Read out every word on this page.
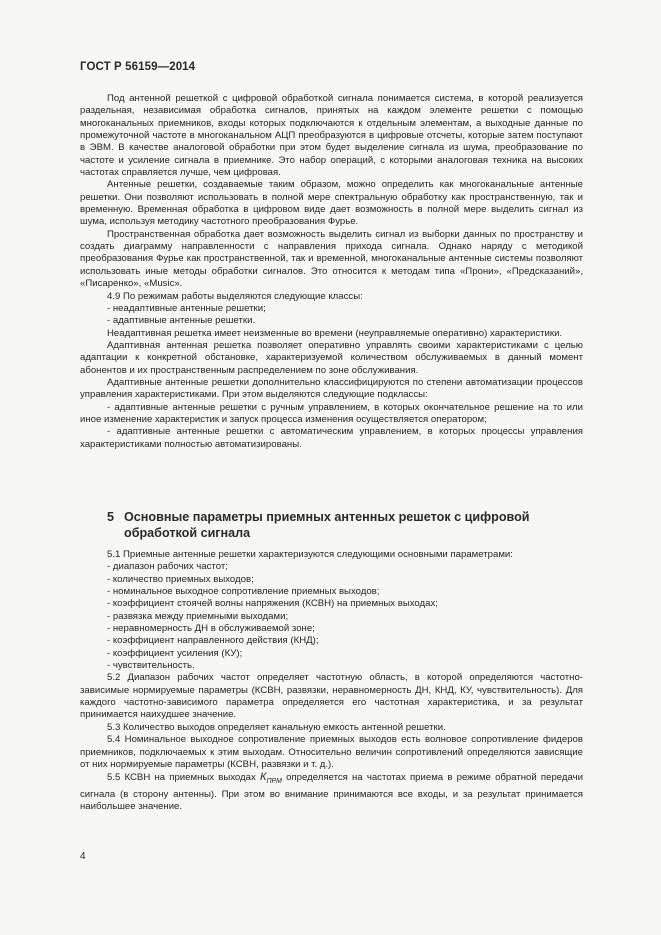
ГОСТ Р 56159—2014

Под антенной решеткой с цифровой обработкой сигнала понимается система, в которой реализуется раздельная, независимая обработка сигналов, принятых на каждом элементе решетки с помощью многоканальных приемников, входы которых подключаются к отдельным элементам, а выходные данные по промежуточной частоте в многоканальном АЦП преобразуются в цифровые отсчеты, которые затем поступают в ЭВМ. В качестве аналоговой обработки при этом будет выделение сигнала из шума, преобразование по частоте и усиление сигнала в приемнике. Это набор операций, с которыми аналоговая техника на высоких частотах справляется лучше, чем цифровая.

Антенные решетки, создаваемые таким образом, можно определить как многоканальные антенные решетки. Они позволяют использовать в полной мере спектральную обработку как пространственную, так и временную. Временная обработка в цифровом виде дает возможность в полной мере выделить сигнал из шума, используя методику частотного преобразования Фурье.

Пространственная обработка дает возможность выделить сигнал из выборки данных по пространству и создать диаграмму направленности с направления прихода сигнала. Однако наряду с методикой преобразования Фурье как пространственной, так и временной, многоканальные антенные системы позволяют использовать иные методы обработки сигналов. Это относится к методам типа «Прони», «Предсказаний», «Писаренко», «Music».

4.9 По режимам работы выделяются следующие классы:

- неадаптивные антенные решетки;

- адаптивные антенные решетки.

Неадаптивная решетка имеет неизменные во времени (неуправляемые оперативно) характеристики.

Адаптивная антенная решетка позволяет оперативно управлять своими характеристиками с целью адаптации к конкретной обстановке, характеризуемой количеством обслуживаемых в данный момент абонентов и их пространственным распределением по зоне обслуживания.

Адаптивные антенные решетки дополнительно классифицируются по степени автоматизации процессов управления характеристиками. При этом выделяются следующие подклассы:

- адаптивные антенные решетки с ручным управлением, в которых окончательное решение на то или иное изменение характеристик и запуск процесса изменения осуществляется оператором;

- адаптивные антенные решетки с автоматическим управлением, в которых процессы управления характеристиками полностью автоматизированы.

5 Основные параметры приемных антенных решеток с цифровой
обработкой сигнала

5.1 Приемные антенные решетки характеризуются следующими основными параметрами:

- диапазон рабочих частот;

- количество приемных выходов;

- номинальное выходное сопротивление приемных выходов;

- коэффициент стоячей волны напряжения (КСВН) на приемных выходах;

- развязка между приемными выходами;

- неравномерность ДН в обслуживаемой зоне;

- коэффициент направленного действия (КНД);

- коэффициент усиления (КУ);

- чувствительность.

5.2 Диапазон рабочих частот определяет частотную область, в которой определяются частотно-зависимые нормируемые параметры (КСВН, развязки, неравномерность ДН, КНД, КУ, чувствительность). Для каждого частотно-зависимого параметра определяется его частотная характеристика, и за результат принимается наихудшее значение.

5.3 Количество выходов определяет канальную емкость антенной решетки.

5.4 Номинальное выходное сопротивление приемных выходов есть волновое сопротивление фидеров приемников, подключаемых к этим выходам. Относительно величин сопротивлений определяются зависящие от них нормируемые параметры (КСВН, развязки и т. д.).

5.5 КСВН на приемных выходах $К_{ПРМ}$ определяется на частотах приема в режиме обратной передачи сигнала (в сторону антенны). При этом во внимание принимаются все входы, и за результат принимается наибольшее значение.

4
